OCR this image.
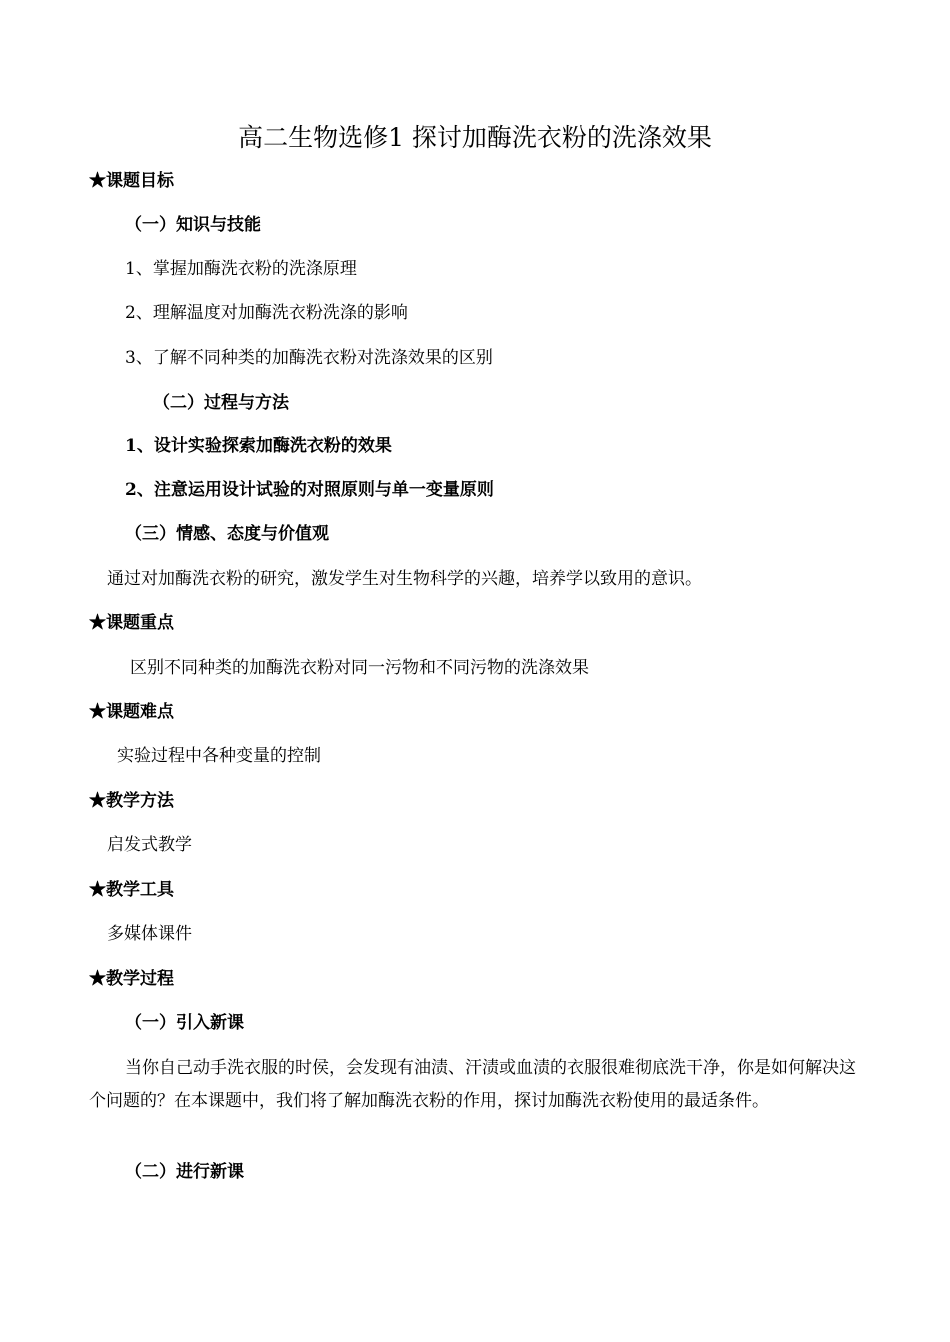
高二生物选修1 探讨加酶洗衣粉的洗涤效果
★课题目标
（一）知识与技能
1、掌握加酶洗衣粉的洗涤原理
2、理解温度对加酶洗衣粉洗涤的影响
3、了解不同种类的加酶洗衣粉对洗涤效果的区别
（二）过程与方法
1、设计实验探索加酶洗衣粉的效果
2、注意运用设计试验的对照原则与单一变量原则
（三）情感、态度与价值观
通过对加酶洗衣粉的研究，激发学生对生物科学的兴趣，培养学以致用的意识。
★课题重点
区别不同种类的加酶洗衣粉对同一污物和不同污物的洗涤效果
★课题难点
实验过程中各种变量的控制
★教学方法
启发式教学
★教学工具
多媒体课件
★教学过程
（一）引入新课
当你自己动手洗衣服的时侯，会发现有油渍、汗渍或血渍的衣服很难彻底洗干净，你是如何解决这个问题的？在本课题中，我们将了解加酶洗衣粉的作用，探讨加酶洗衣粉使用的最适条件。
（二）进行新课
